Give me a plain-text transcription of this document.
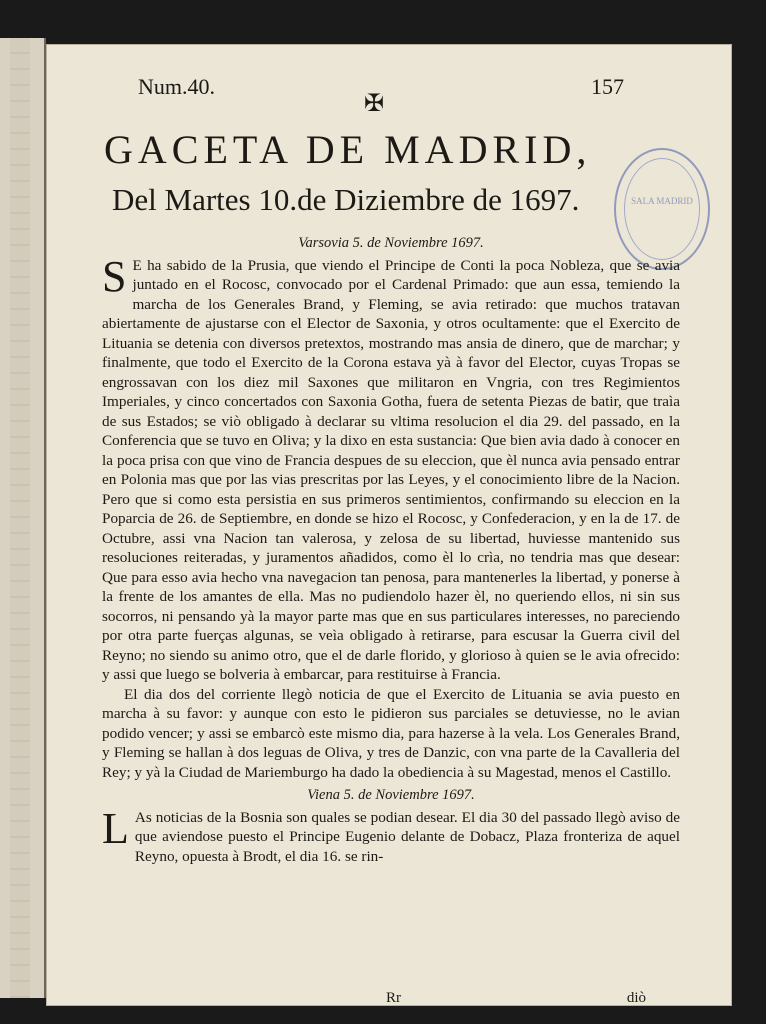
Num.40.	157
✠
GACETA DE MADRID,
Del Martes 10.de Diziembre de 1697.	SALA MADRID
Varsovia 5. de Noviembre 1697.

S E ha sabido de la Prusia, que viendo el Principe de Conti la poca Nobleza, que se avia juntado en el Rocosc, convocado por el Cardenal Primado: que aun essa, temiendo la marcha de los Generales Brand, y Fleming, se avia retirado: que muchos tratavan abiertamente de ajustarse con el Elector de Saxonia, y otros ocultamente: que el Exercito de Lituania se detenia con diversos pretextos, mostrando mas ansia de dinero, que de marchar; y finalmente, que todo el Exercito de la Corona estava yà à favor del Elector, cuyas Tropas se engrossavan con los diez mil Saxones que militaron en Vngria, con tres Regimientos Imperiales, y cinco concertados con Saxonia Gotha, fuera de setenta Piezas de batir, que traìa de sus Estados; se viò obligado à declarar su vltima resolucion el dia 29. del passado, en la Conferencia que se tuvo en Oliva; y la dixo en esta sustancia: Que bien avia dado à conocer en la poca prisa con que vino de Francia despues de su eleccion, que èl nunca avia pensado entrar en Polonia mas que por las vias prescritas por las Leyes, y el conocimiento libre de la Nacion. Pero que si como esta persistia en sus primeros sentimientos, confirmando su eleccion en la Poparcia de 26. de Septiembre, en donde se hizo el Rocosc, y Confederacion, y en la de 17. de Octubre, assi vna Nacion tan valerosa, y zelosa de su libertad, huviesse mantenido sus resoluciones reiteradas, y juramentos añadidos, como èl lo crìa, no tendria mas que desear: Que para esso avia hecho vna navegacion tan penosa, para mantenerles la libertad, y ponerse à la frente de los amantes de ella. Mas no pudiendolo hazer èl, no queriendo ellos, ni sin sus socorros, ni pensando yà la mayor parte mas que en sus particulares interesses, no pareciendo por otra parte fuerças algunas, se veìa obligado à retirarse, para escusar la Guerra civil del Reyno; no siendo su animo otro, que el de darle florido, y glorioso à quien se le avia ofrecido: y assi que luego se bolveria à embarcar, para restituirse à Francia.

El dia dos del corriente llegò noticia de que el Exercito de Lituania se avia puesto en marcha à su favor: y aunque con esto le pidieron sus parciales se detuviesse, no le avian podido vencer; y assi se embarcò este mismo dia, para hazerse à la vela. Los Generales Brand, y Fleming se hallan à dos leguas de Oliva, y tres de Danzic, con vna parte de la Cavalleria del Rey; y yà la Ciudad de Mariemburgo ha dado la obediencia à su Magestad, menos el Castillo.

Viena 5. de Noviembre 1697.

L As noticias de la Bosnia son quales se podian desear. El dia 30 del passado llegò aviso de que aviendose puesto el Principe Eugenio delante de Dobacz, Plaza fronteriza de aquel Reyno, opuesta à Brodt, el dia 16. se rin-

Rr	diò
